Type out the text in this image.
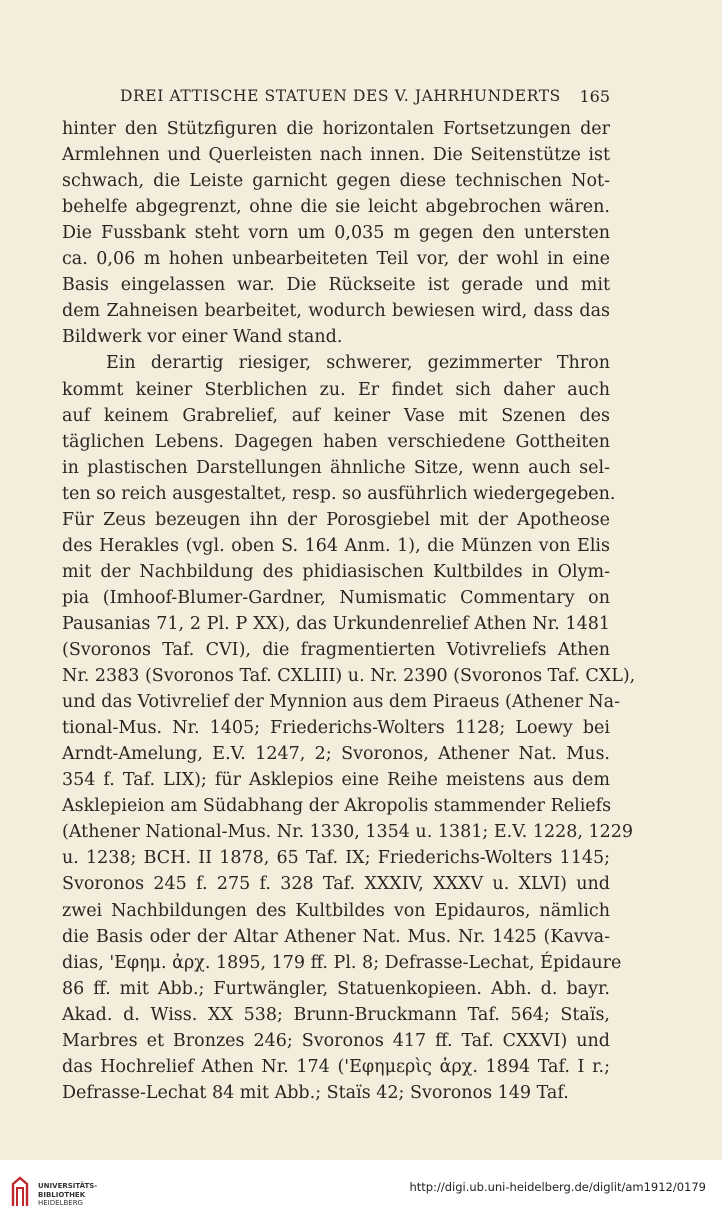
DREI ATTISCHE STATUEN DES V. JAHRHUNDERTS 165
hinter den Stützfiguren die horizontalen Fortsetzungen der
Armlehnen und Querleisten nach innen. Die Seitenstütze ist
schwach, die Leiste garnicht gegen diese technischen Not-
behelfe abgegrenzt, ohne die sie leicht abgebrochen wären.
Die Fussbank steht vorn um 0,035 m gegen den untersten
ca. 0,06 m hohen unbearbeiteten Teil vor, der wohl in eine
Basis eingelassen war. Die Rückseite ist gerade und mit
dem Zahneisen bearbeitet, wodurch bewiesen wird, dass das
Bildwerk vor einer Wand stand.
Ein derartig riesiger, schwerer, gezimmerter Thron
kommt keiner Sterblichen zu. Er findet sich daher auch
auf keinem Grabrelief, auf keiner Vase mit Szenen des
täglichen Lebens. Dagegen haben verschiedene Gottheiten
in plastischen Darstellungen ähnliche Sitze, wenn auch sel-
ten so reich ausgestaltet, resp. so ausführlich wiedergegeben.
Für Zeus bezeugen ihn der Porosgiebel mit der Apotheose
des Herakles (vgl. oben S. 164 Anm. 1), die Münzen von Elis
mit der Nachbildung des phidiasischen Kultbildes in Olym-
pia (Imhoof-Blumer-Gardner, Numismatic Commentary on
Pausanias 71, 2 Pl. P XX), das Urkundenrelief Athen Nr. 1481
(Svoronos Taf. CVI), die fragmentierten Votivreliefs Athen
Nr. 2383 (Svoronos Taf. CXLIII) u. Nr. 2390 (Svoronos Taf. CXL),
und das Votivrelief der Mynnion aus dem Piraeus (Athener Na-
tional-Mus. Nr. 1405; Friederichs-Wolters 1128; Loewy bei
Arndt-Amelung, E.V. 1247, 2; Svoronos, Athener Nat. Mus.
354 f. Taf. LIX); für Asklepios eine Reihe meistens aus dem
Asklepieion am Südabhang der Akropolis stammender Reliefs
(Athener National-Mus. Nr. 1330, 1354 u. 1381; E.V. 1228, 1229
u. 1238; BCH. II 1878, 65 Taf. IX; Friederichs-Wolters 1145;
Svoronos 245 f. 275 f. 328 Taf. XXXIV, XXXV u. XLVI) und
zwei Nachbildungen des Kultbildes von Epidauros, nämlich
die Basis oder der Altar Athener Nat. Mus. Nr. 1425 (Kavva-
dias, 'Εφημ. ἀρχ. 1895, 179 ff. Pl. 8; Defrasse-Lechat, Épidaure
86 ff. mit Abb.; Furtwängler, Statuenkopieen. Abh. d. bayr.
Akad. d. Wiss. XX 538; Brunn-Bruckmann Taf. 564; Staïs,
Marbres et Bronzes 246; Svoronos 417 ff. Taf. CXXVI) und
das Hochrelief Athen Nr. 174 ('Εφημερὶς ἀρχ. 1894 Taf. I r.;
Defrasse-Lechat 84 mit Abb.; Staïs 42; Svoronos 149 Taf.
UNIVERSITÄTS-
BIBLIOTHEK
HEIDELBERG
http://digi.ub.uni-heidelberg.de/diglit/am1912/0179
